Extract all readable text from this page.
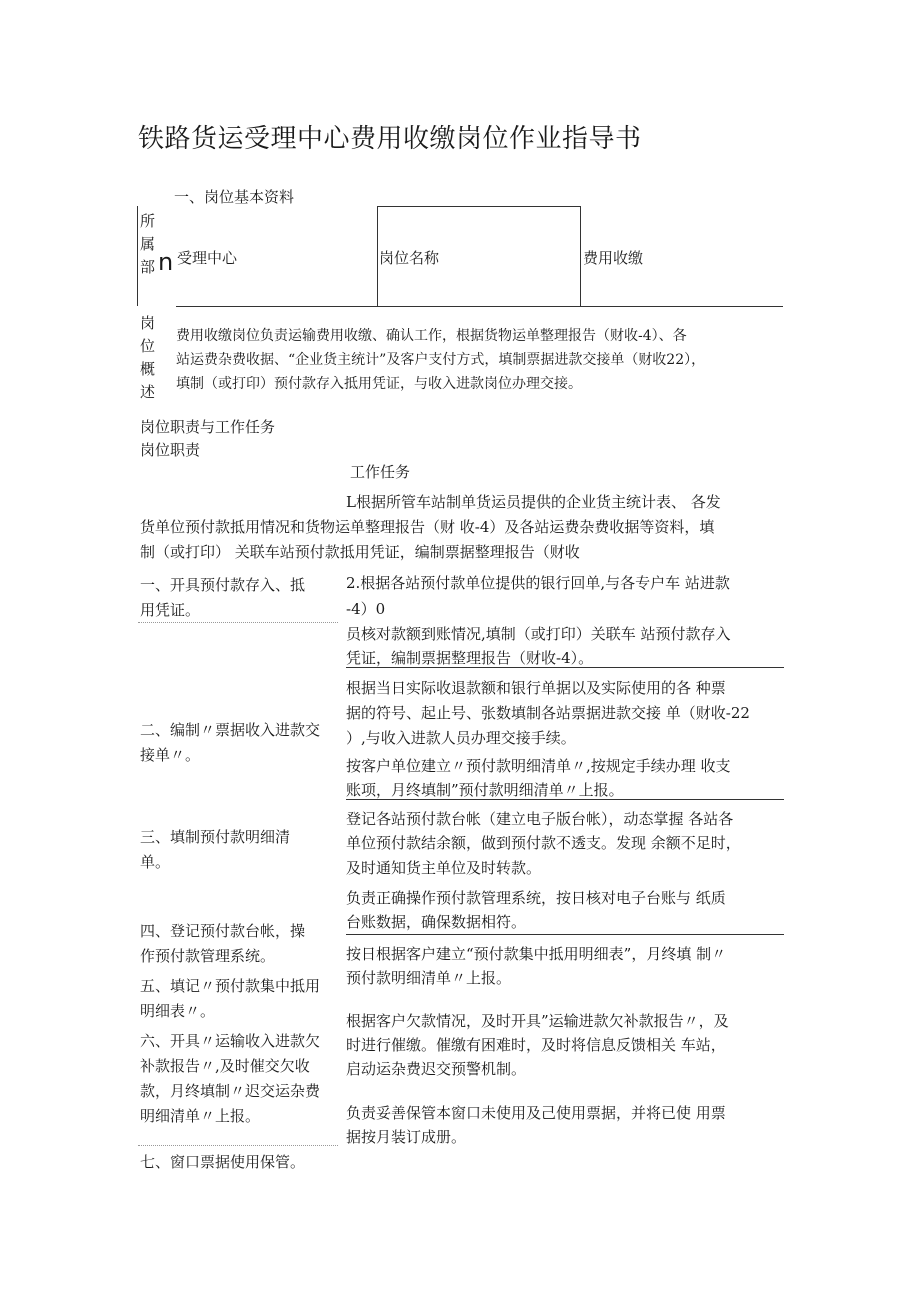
铁路货运受理中心费用收缴岗位作业指导书
一、岗位基本资料
所
属
部 n 受理中心	岗位名称	费用收缴
岗
位
概
述
费用收缴岗位负责运输费用收缴、确认工作，根据货物运单整理报告（财收-4）、各
站运费杂费收据、“企业货主统计”及客户支付方式，填制票据进款交接单（财收22），
填制（或打印）预付款存入抵用凭证，与收入进款岗位办理交接。
岗位职责与工作任务
岗位职责
工作任务
L根据所管车站制单货运员提供的企业货主统计表、 各发
货单位预付款抵用情况和货物运单整理报告（财 收-4）及各站运费杂费收据等资料，填
制（或打印） 关联车站预付款抵用凭证，编制票据整理报告（财收
一、开具预付款存入、抵
用凭证。
二、编制〃票据收入进款交
接单〃。
三、填制预付款明细清
单。
四、登记预付款台帐，操
作预付款管理系统。
五、填记〃预付款集中抵用
明细表〃。
六、开具〃运输收入进款欠
补款报告〃,及时催交欠收
款，月终填制〃迟交运杂费
明细清单〃上报。
七、窗口票据使用保管。
2.根据各站预付款单位提供的银行回单,与各专户车 站进款
-4）0
员核对款额到账情况,填制（或打印）关联车 站预付款存入
凭证，编制票据整理报告（财收-4）。
根据当日实际收退款额和银行单据以及实际使用的各 种票
据的符号、起止号、张数填制各站票据进款交接 单（财收-22
）,与收入进款人员办理交接手续。
按客户单位建立〃预付款明细清单〃,按规定手续办理 收支
账项，月终填制”预付款明细清单〃上报。
登记各站预付款台帐（建立电子版台帐），动态掌握 各站各
单位预付款结余额，做到预付款不透支。发现 余额不足时，
及时通知货主单位及时转款。
负责正确操作预付款管理系统，按日核对电子台账与 纸质
台账数据，确保数据相符。
按日根据客户建立“预付款集中抵用明细表”，月终填 制〃
预付款明细清单〃上报。
根据客户欠款情况，及时开具”运输进款欠补款报告〃，及
时进行催缴。催缴有困难时，及时将信息反馈相关 车站，
启动运杂费迟交预警机制。
负责妥善保管本窗口未使用及己使用票据，并将已使 用票
据按月装订成册。
